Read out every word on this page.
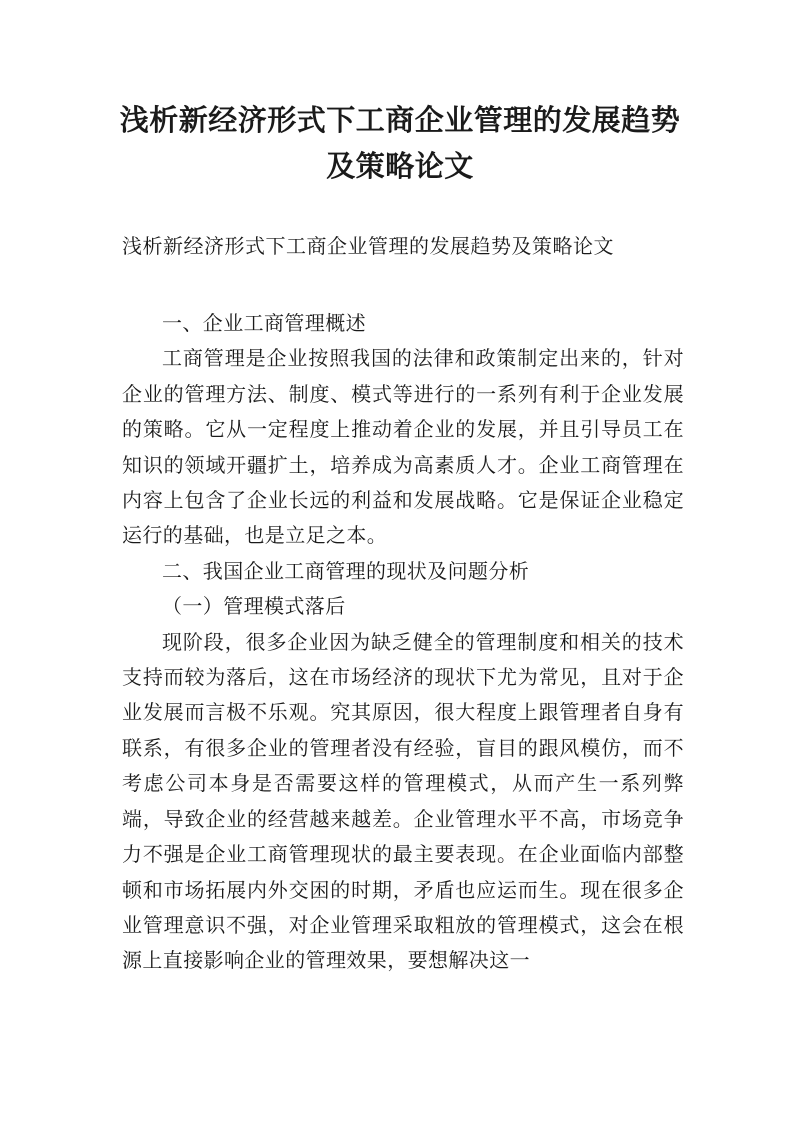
浅析新经济形式下工商企业管理的发展趋势及策略论文

浅析新经济形式下工商企业管理的发展趋势及策略论文

一、企业工商管理概述

工商管理是企业按照我国的法律和政策制定出来的，针对企业的管理方法、制度、模式等进行的一系列有利于企业发展的策略。它从一定程度上推动着企业的发展，并且引导员工在知识的领域开疆扩土，培养成为高素质人才。企业工商管理在内容上包含了企业长远的利益和发展战略。它是保证企业稳定运行的基础，也是立足之本。

二、我国企业工商管理的现状及问题分析

（一）管理模式落后

现阶段，很多企业因为缺乏健全的管理制度和相关的技术支持而较为落后，这在市场经济的现状下尤为常见，且对于企业发展而言极不乐观。究其原因，很大程度上跟管理者自身有联系，有很多企业的管理者没有经验，盲目的跟风模仿，而不考虑公司本身是否需要这样的管理模式，从而产生一系列弊端，导致企业的经营越来越差。企业管理水平不高，市场竞争力不强是企业工商管理现状的最主要表现。在企业面临内部整顿和市场拓展内外交困的时期，矛盾也应运而生。现在很多企业管理意识不强，对企业管理采取粗放的管理模式，这会在根源上直接影响企业的管理效果，要想解决这一
